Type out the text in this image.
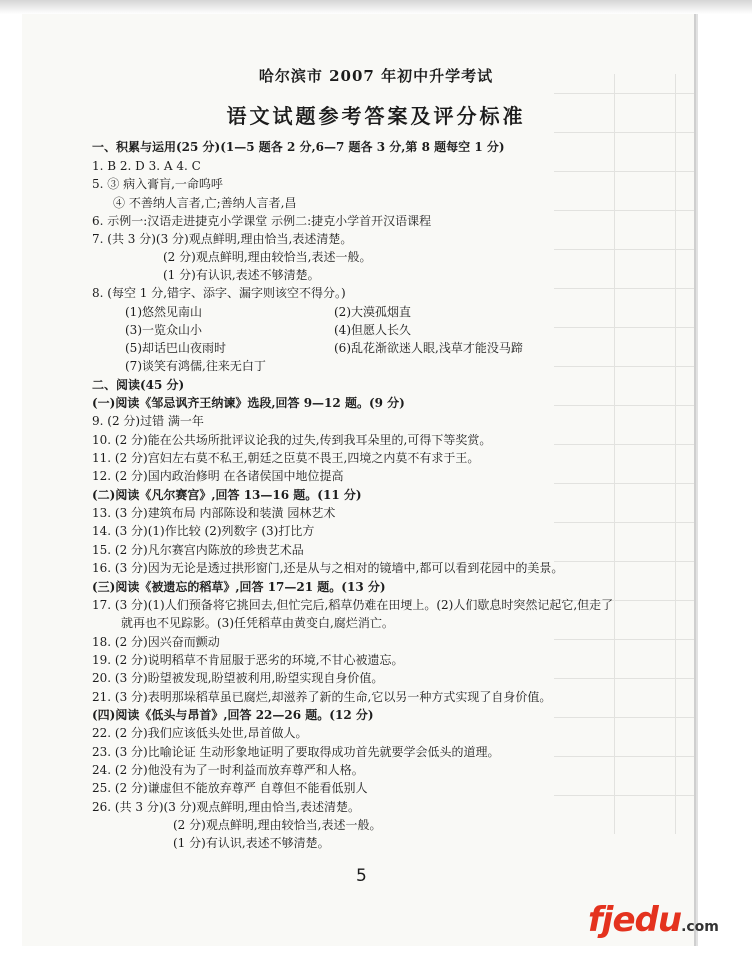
哈尔滨市 2007 年初中升学考试
语文试题参考答案及评分标准
一、积累与运用(25 分)(1—5 题各 2 分,6—7 题各 3 分,第 8 题每空 1 分)
1. B 2. D 3. A 4. C
5. ③ 病入膏肓,一命呜呼
④ 不善纳人言者,亡;善纳人言者,昌
6. 示例一:汉语走进捷克小学课堂 示例二:捷克小学首开汉语课程
7. (共 3 分)(3 分)观点鲜明,理由恰当,表述清楚。
(2 分)观点鲜明,理由较恰当,表述一般。
(1 分)有认识,表述不够清楚。
8. (每空 1 分,错字、添字、漏字则该空不得分。)
(1)悠然见南山	(2)大漠孤烟直
(3)一览众山小	(4)但愿人长久
(5)却话巴山夜雨时	(6)乱花渐欲迷人眼,浅草才能没马蹄
(7)谈笑有鸿儒,往来无白丁
二、阅读(45 分)
(一)阅读《邹忌讽齐王纳谏》选段,回答 9—12 题。(9 分)
9. (2 分)过错 满一年
10. (2 分)能在公共场所批评议论我的过失,传到我耳朵里的,可得下等奖赏。
11. (2 分)宫妇左右莫不私王,朝廷之臣莫不畏王,四境之内莫不有求于王。
12. (2 分)国内政治修明 在各诸侯国中地位提高
(二)阅读《凡尔赛宫》,回答 13—16 题。(11 分)
13. (3 分)建筑布局 内部陈设和装潢 园林艺术
14. (3 分)(1)作比较 (2)列数字 (3)打比方
15. (2 分)凡尔赛宫内陈放的珍贵艺术品
16. (3 分)因为无论是透过拱形窗门,还是从与之相对的镜墙中,都可以看到花园中的美景。
(三)阅读《被遗忘的稻草》,回答 17—21 题。(13 分)
17. (3 分)(1)人们预备将它挑回去,但忙完后,稻草仍难在田埂上。(2)人们歇息时突然记起它,但走了
就再也不见踪影。(3)任凭稻草由黄变白,腐烂消亡。
18. (2 分)因兴奋而颤动
19. (2 分)说明稻草不肯屈服于恶劣的环境,不甘心被遗忘。
20. (3 分)盼望被发现,盼望被利用,盼望实现自身价值。
21. (3 分)表明那垛稻草虽已腐烂,却滋养了新的生命,它以另一种方式实现了自身价值。
(四)阅读《低头与昂首》,回答 22—26 题。(12 分)
22. (2 分)我们应该低头处世,昂首做人。
23. (3 分)比喻论证 生动形象地证明了要取得成功首先就要学会低头的道理。
24. (2 分)他没有为了一时利益而放弃尊严和人格。
25. (2 分)谦虚但不能放弃尊严 自尊但不能看低别人
26. (共 3 分)(3 分)观点鲜明,理由恰当,表述清楚。
(2 分)观点鲜明,理由较恰当,表述一般。
(1 分)有认识,表述不够清楚。
5
fjedu.com
